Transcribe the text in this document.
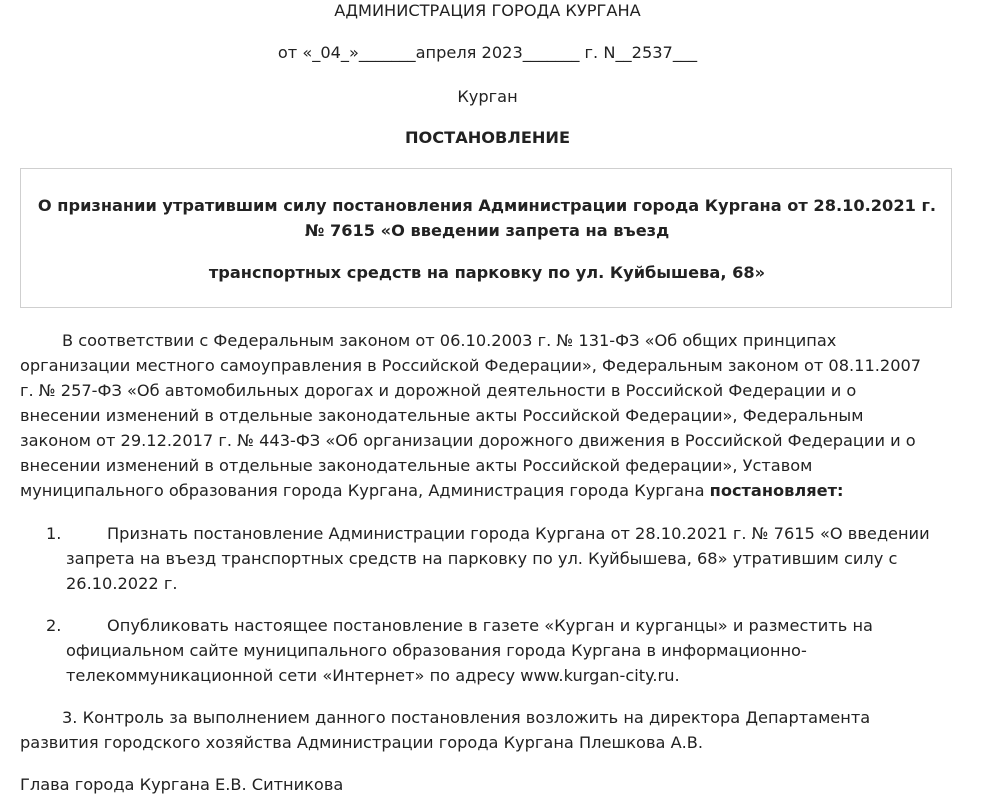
АДМИНИСТРАЦИЯ ГОРОДА КУРГАНА
от «_04_»_______апреля 2023_______ г. N__2537___
Курган
ПОСТАНОВЛЕНИЕ
О признании утратившим силу постановления Администрации города Кургана от 28.10.2021 г.
№ 7615 «О введении запрета на въезд
транспортных средств на парковку по ул. Куйбышева, 68»
В соответствии с Федеральным законом от 06.10.2003 г. № 131-ФЗ «Об общих принципах
организации местного самоуправления в Российской Федерации», Федеральным законом от 08.11.2007
г. № 257-ФЗ «Об автомобильных дорогах и дорожной деятельности в Российской Федерации и о
внесении изменений в отдельные законодательные акты Российской Федерации», Федеральным
законом от 29.12.2017 г. № 443-ФЗ «Об организации дорожного движения в Российской Федерации и о
внесении изменений в отдельные законодательные акты Российской федерации», Уставом
муниципального образования города Кургана, Администрация города Кургана постановляет:
1.	Признать постановление Администрации города Кургана от 28.10.2021 г. № 7615 «О введении
запрета на въезд транспортных средств на парковку по ул. Куйбышева, 68» утратившим силу с
26.10.2022 г.
2.	Опубликовать настоящее постановление в газете «Курган и курганцы» и разместить на
официальном сайте муниципального образования города Кургана в информационно-
телекоммуникационной сети «Интернет» по адресу www.kurgan-city.ru.
3. Контроль за выполнением данного постановления возложить на директора Департамента
развития городского хозяйства Администрации города Кургана Плешкова А.В.
Глава города Кургана Е.В. Ситникова
